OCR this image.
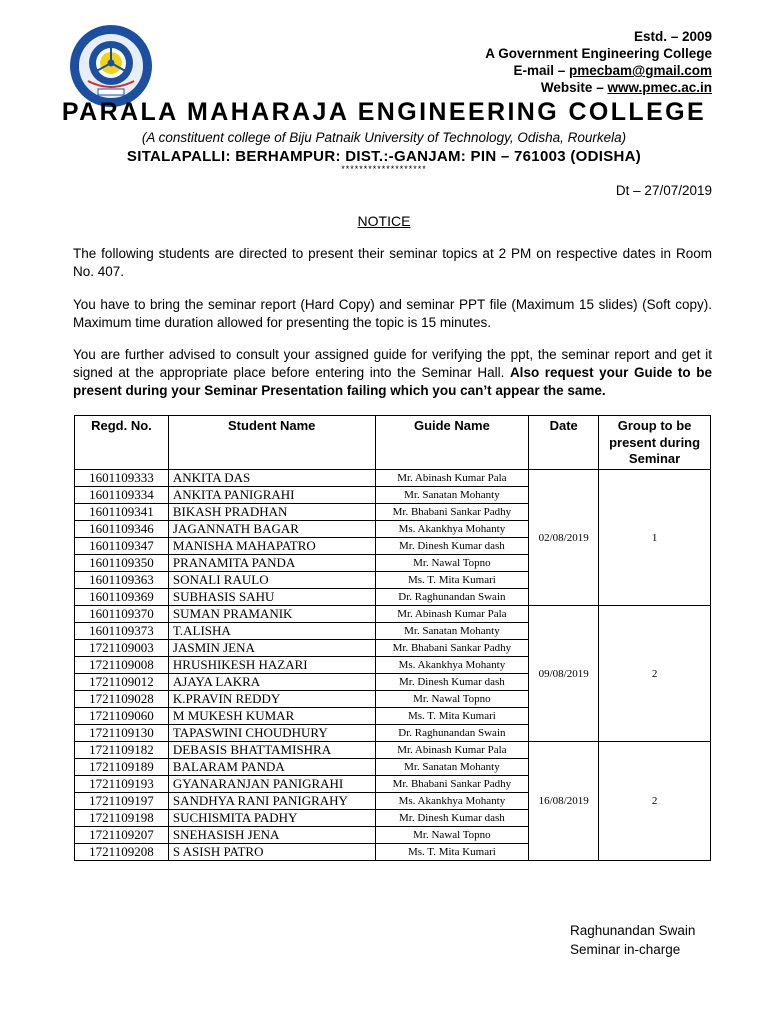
Estd. – 2009
A Government Engineering College
E-mail – pmecbam@gmail.com
Website – www.pmec.ac.in
PARALA MAHARAJA ENGINEERING COLLEGE
(A constituent college of Biju Patnaik University of Technology, Odisha, Rourkela)
SITALAPALLI: BERHAMPUR: DIST.:-GANJAM: PIN – 761003 (ODISHA)
*******************
Dt – 27/07/2019
NOTICE
The following students are directed to present their seminar topics at 2 PM on respective dates in Room No. 407.
You have to bring the seminar report (Hard Copy) and seminar PPT file (Maximum 15 slides) (Soft copy). Maximum time duration allowed for presenting the topic is 15 minutes.
You are further advised to consult your assigned guide for verifying the ppt, the seminar report and get it signed at the appropriate place before entering into the Seminar Hall. Also request your Guide to be present during your Seminar Presentation failing which you can’t appear the same.
Regd. No.	Student Name	Guide Name	Date	Group to be present during Seminar
1601109333	ANKITA DAS	Mr. Abinash Kumar Pala	02/08/2019	1
1601109334	ANKITA PANIGRAHI	Mr. Sanatan Mohanty		
1601109341	BIKASH PRADHAN	Mr. Bhabani Sankar Padhy		
1601109346	JAGANNATH BAGAR	Ms. Akankhya Mohanty		
1601109347	MANISHA MAHAPATRO	Mr. Dinesh Kumar dash		
1601109350	PRANAMITA PANDA	Mr. Nawal Topno		
1601109363	SONALI RAULO	Ms. T. Mita Kumari		
1601109369	SUBHASIS SAHU	Dr. Raghunandan Swain		
1601109370	SUMAN PRAMANIK	Mr. Abinash Kumar Pala	09/08/2019	2
1601109373	T.ALISHA	Mr. Sanatan Mohanty		
1721109003	JASMIN JENA	Mr. Bhabani Sankar Padhy		
1721109008	HRUSHIKESH HAZARI	Ms. Akankhya Mohanty		
1721109012	AJAYA LAKRA	Mr. Dinesh Kumar dash		
1721109028	K.PRAVIN REDDY	Mr. Nawal Topno		
1721109060	M MUKESH KUMAR	Ms. T. Mita Kumari		
1721109130	TAPASWINI CHOUDHURY	Dr. Raghunandan Swain		
1721109182	DEBASIS BHATTAMISHRA	Mr. Abinash Kumar Pala	16/08/2019	2
1721109189	BALARAM PANDA	Mr. Sanatan Mohanty		
1721109193	GYANARANJAN PANIGRAHI	Mr. Bhabani Sankar Padhy		
1721109197	SANDHYA RANI PANIGRAHY	Ms. Akankhya Mohanty		
1721109198	SUCHISMITA PADHY	Mr. Dinesh Kumar dash		
1721109207	SNEHASISH JENA	Mr. Nawal Topno		
1721109208	S ASISH PATRO	Ms. T. Mita Kumari		
Raghunandan Swain
Seminar in-charge
